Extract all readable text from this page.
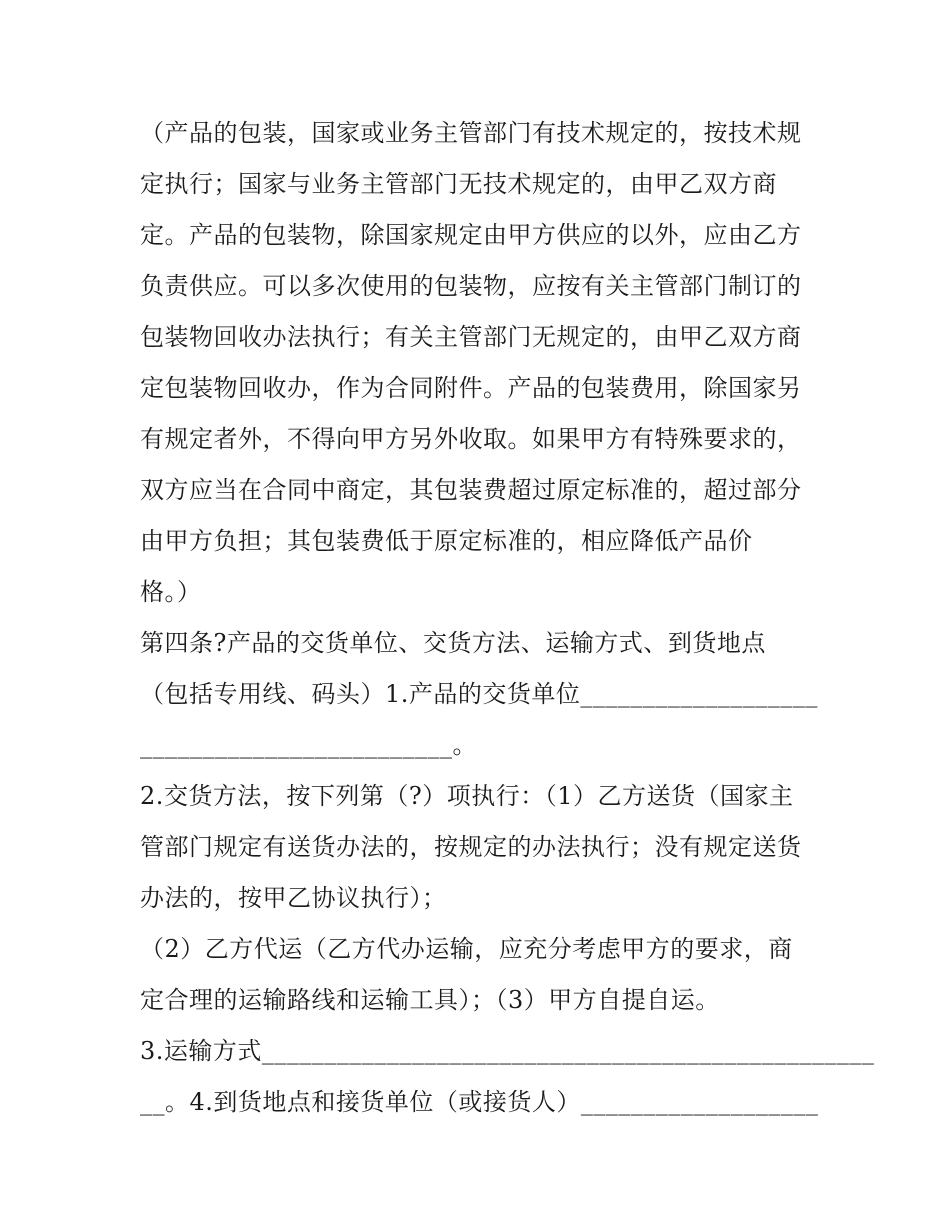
（产品的包装，国家或业务主管部门有技术规定的，按技术规
定执行；国家与业务主管部门无技术规定的，由甲乙双方商
定。产品的包装物，除国家规定由甲方供应的以外，应由乙方
负责供应。可以多次使用的包装物，应按有关主管部门制订的
包装物回收办法执行；有关主管部门无规定的，由甲乙双方商
定包装物回收办，作为合同附件。产品的包装费用，除国家另
有规定者外，不得向甲方另外收取。如果甲方有特殊要求的，
双方应当在合同中商定，其包装费超过原定标准的，超过部分
由甲方负担；其包装费低于原定标准的，相应降低产品价
格。）
第四条?产品的交货单位、交货方法、运输方式、到货地点
（包括专用线、码头）1.产品的交货单位___________________
_________________________。
2.交货方法，按下列第（?）项执行：（1）乙方送货（国家主
管部门规定有送货办法的，按规定的办法执行；没有规定送货
办法的，按甲乙协议执行）；
（2）乙方代运（乙方代办运输，应充分考虑甲方的要求，商
定合理的运输路线和运输工具）；（3）甲方自提自运。
3.运输方式_________________________________________________
__。4.到货地点和接货单位（或接货人）___________________
